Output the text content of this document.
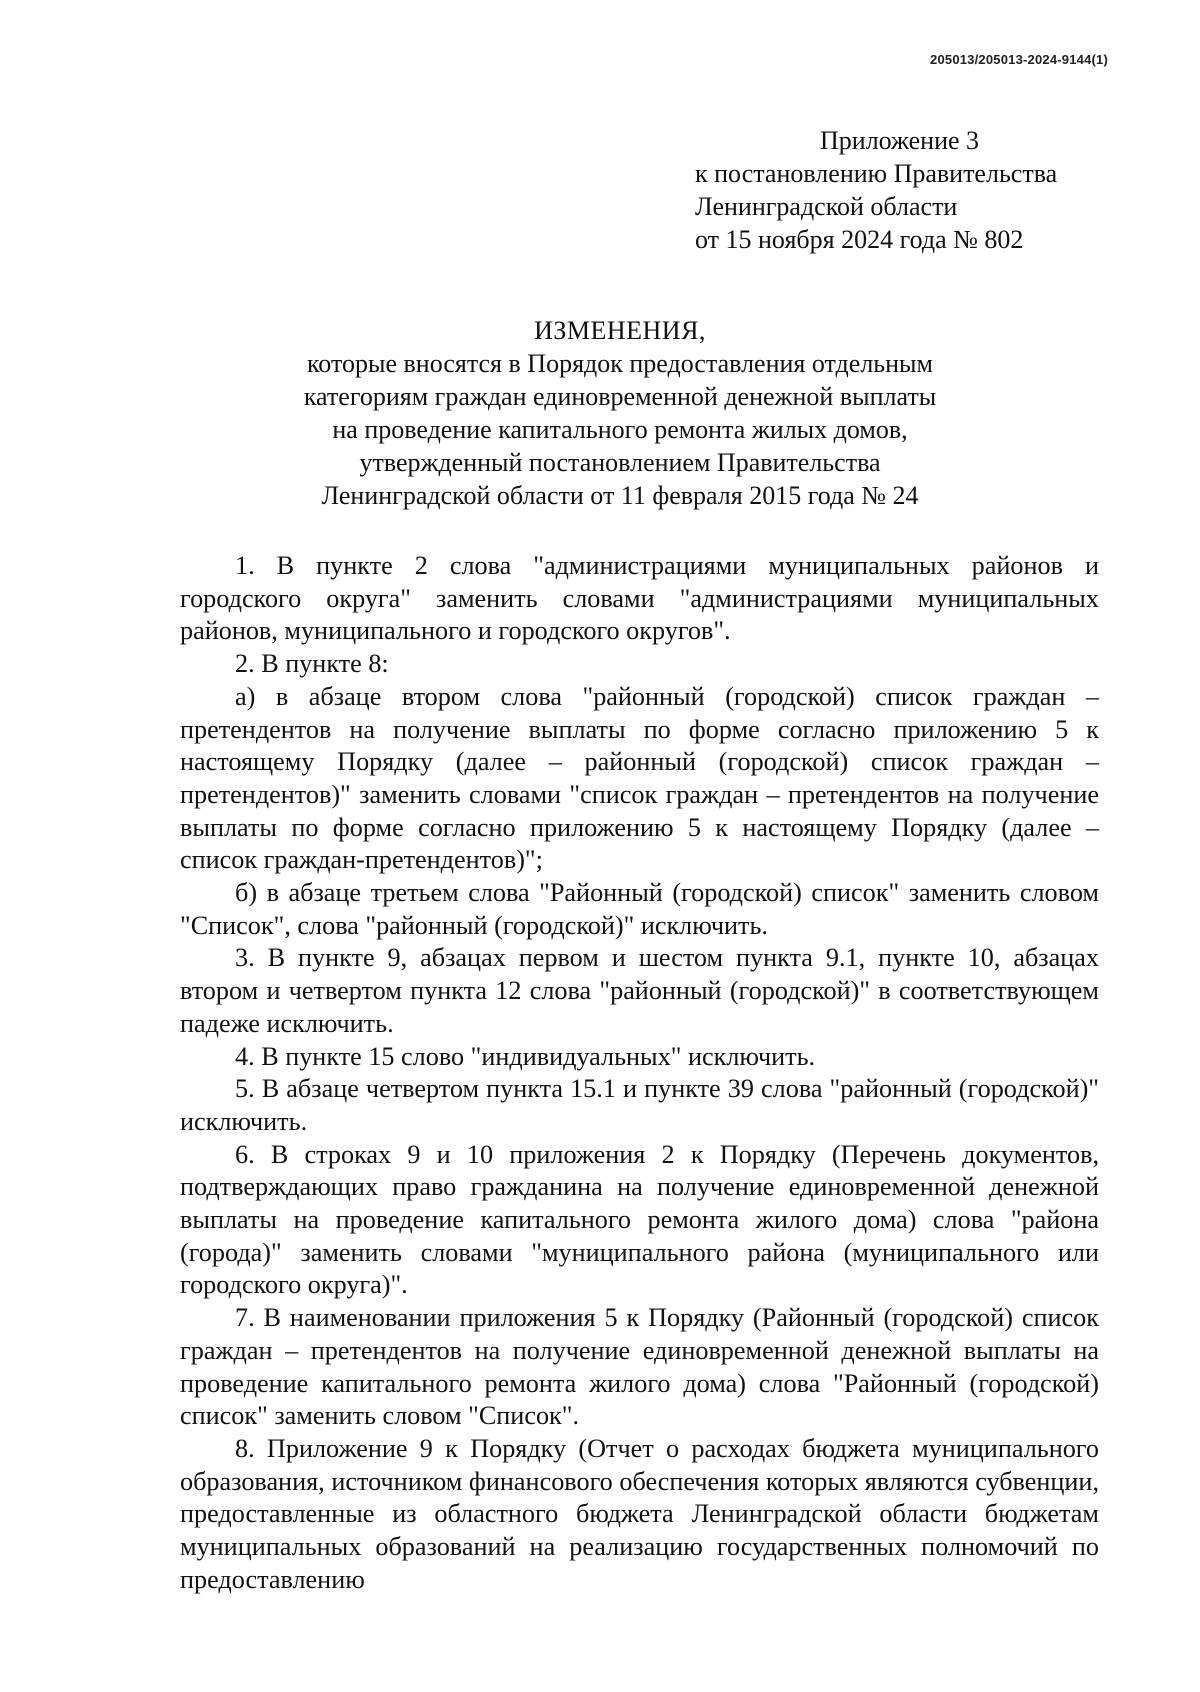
205013/205013-2024-9144(1)
Приложение 3
к постановлению Правительства
Ленинградской области
от 15 ноября 2024 года № 802
ИЗМЕНЕНИЯ,
которые вносятся в Порядок предоставления отдельным
категориям граждан единовременной денежной выплаты
на проведение капитального ремонта жилых домов,
утвержденный постановлением Правительства
Ленинградской области от 11 февраля 2015 года № 24

1. В пункте 2 слова "администрациями муниципальных районов и городского округа" заменить словами "администрациями муниципальных районов, муниципального и городского округов".

2. В пункте 8:

а) в абзаце втором слова "районный (городской) список граждан – претендентов на получение выплаты по форме согласно приложению 5 к настоящему Порядку (далее – районный (городской) список граждан – претендентов)" заменить словами "список граждан – претендентов на получение выплаты по форме согласно приложению 5 к настоящему Порядку (далее – список граждан-претендентов)";

б) в абзаце третьем слова "Районный (городской) список" заменить словом "Список", слова "районный (городской)" исключить.

3. В пункте 9, абзацах первом и шестом пункта 9.1, пункте 10, абзацах втором и четвертом пункта 12 слова "районный (городской)" в соответствующем падеже исключить.

4. В пункте 15 слово "индивидуальных" исключить.

5. В абзаце четвертом пункта 15.1 и пункте 39 слова "районный (городской)" исключить.

6. В строках 9 и 10 приложения 2 к Порядку (Перечень документов, подтверждающих право гражданина на получение единовременной денежной выплаты на проведение капитального ремонта жилого дома) слова "района (города)" заменить словами "муниципального района (муниципального или городского округа)".

7. В наименовании приложения 5 к Порядку (Районный (городской) список граждан – претендентов на получение единовременной денежной выплаты на проведение капитального ремонта жилого дома) слова "Районный (городской) список" заменить словом "Список".

8. Приложение 9 к Порядку (Отчет о расходах бюджета муниципального образования, источником финансового обеспечения которых являются субвенции, предоставленные из областного бюджета Ленинградской области бюджетам муниципальных образований на реализацию государственных полномочий по предоставлению
